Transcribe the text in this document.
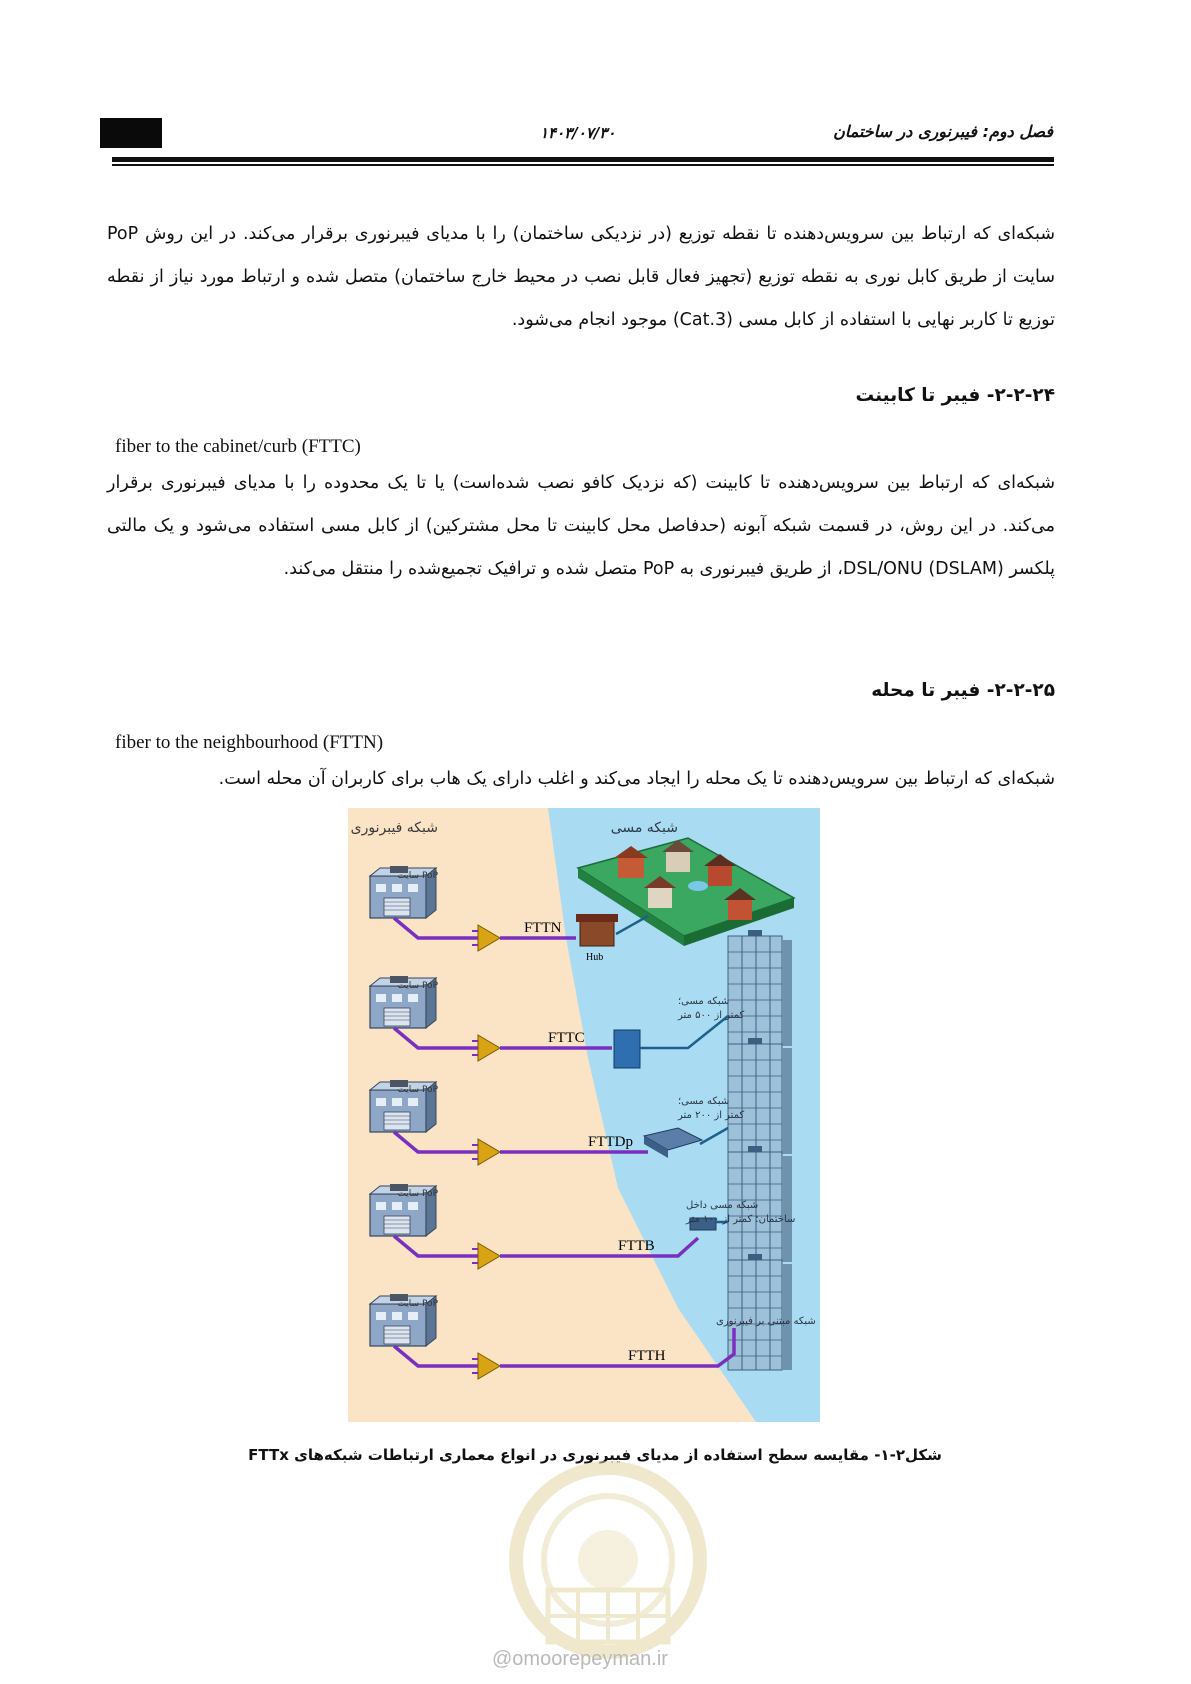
۱۴۰۳/۰۷/۳۰	فصل دوم: فیبرنوری در ساختمان
شبکه‌ای که ارتباط بین سرویس‌دهنده تا نقطه توزیع (در نزدیکی ساختمان) را با مدیای فیبرنوری برقرار می‌کند. در این روش PoP سایت از طریق کابل نوری به نقطه توزیع (تجهیز فعال قابل نصب در محیط خارج ساختمان) متصل شده و ارتباط مورد نیاز از نقطه توزیع تا کاربر نهایی با استفاده از کابل مسی (Cat.3) موجود انجام می‌شود.
۲-۲-۲۴- فیبر تا کابینت
fiber to the cabinet/curb (FTTC)
شبکه‌ای که ارتباط بین سرویس‌دهنده تا کابینت (که نزدیک کافو نصب شده‌است) یا تا یک محدوده را با مدیای فیبرنوری برقرار می‌کند. در این روش، در قسمت شبکه آبونه (حدفاصل محل کابینت تا محل مشترکین) از کابل مسی استفاده می‌شود و یک مالتی پلکسر DSL/ONU (DSLAM)، از طریق فیبرنوری به PoP متصل شده و ترافیک تجمیع‌شده را منتقل می‌کند.
۲-۲-۲۵- فیبر تا محله
fiber to the neighbourhood (FTTN)
شبکه‌ای که ارتباط بین سرویس‌دهنده تا یک محله را ایجاد می‌کند و اغلب دارای یک هاب برای کاربران آن محله است.
شبکه فیبرنوری	شبکه مسی
PoP سایت
FTTN
Hub
PoP سایت
FTTC
شبکه مسی؛
کمتر از ۵۰۰ متر
PoP سایت
FTTDp
شبکه مسی؛
کمتر از ۲۰۰ متر
PoP سایت
FTTB
شبکه مسی داخل
ساختمان؛ کمتر از ۱۰۰ متر
PoP سایت
FTTH
شبکه مبتنی بر فیبرنوری
شکل۲-۱- مقایسه سطح استفاده از مدیای فیبرنوری در انواع معماری ارتباطات شبکه‌های FTTx
@omoorepeyman.ir
